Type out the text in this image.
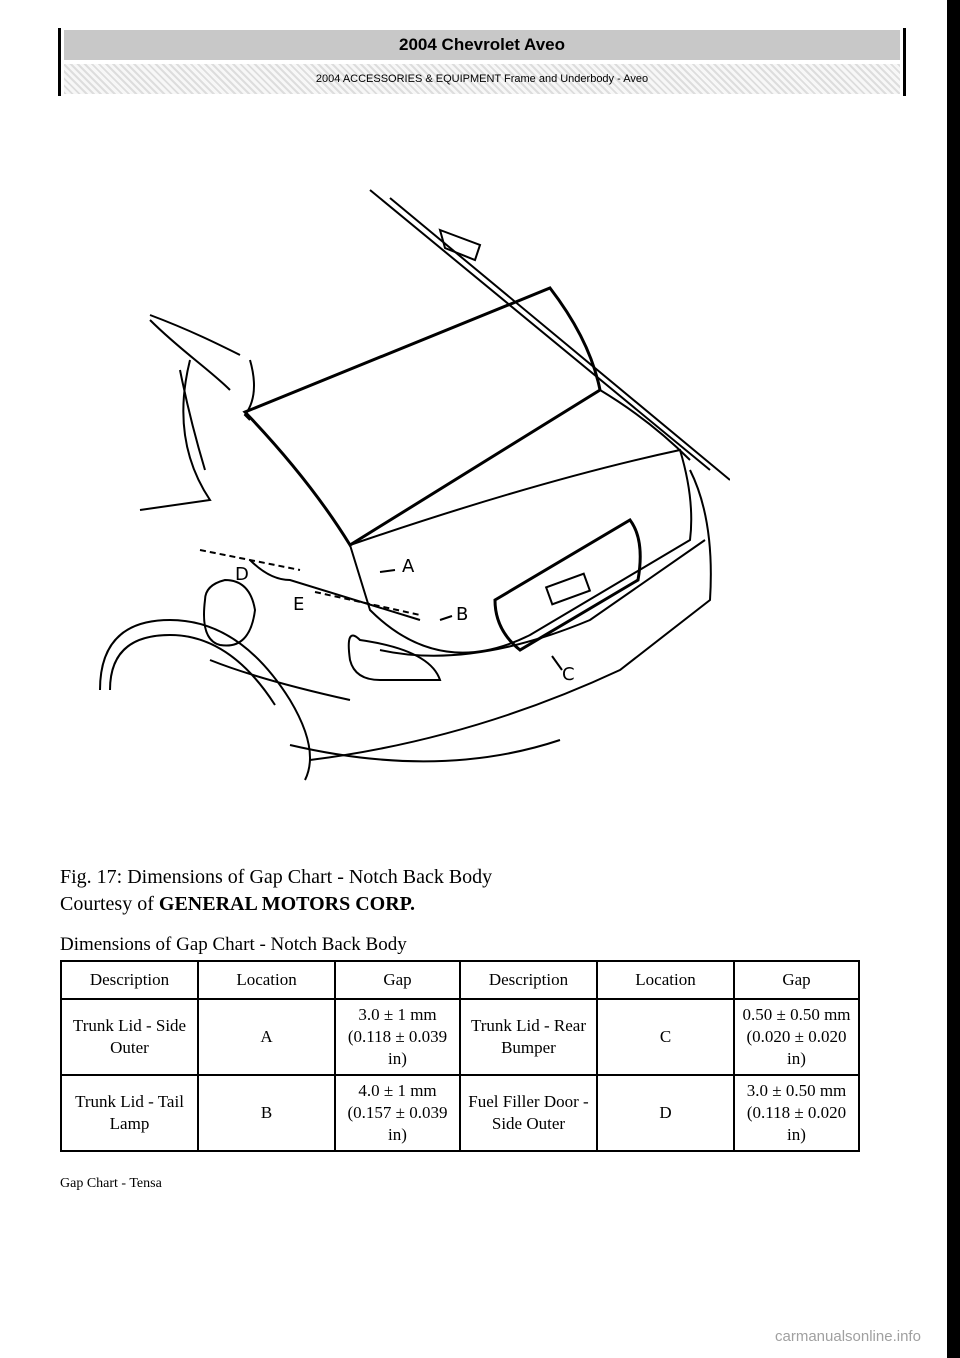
2004 Chevrolet Aveo
2004 ACCESSORIES & EQUIPMENT Frame and Underbody - Aveo
A
B
C
D
E
Fig. 17: Dimensions of Gap Chart - Notch Back Body
Courtesy of GENERAL MOTORS CORP.
Dimensions of Gap Chart - Notch Back Body
Description	Location	Gap	Description	Location	Gap
Trunk Lid - Side Outer	A	3.0 ± 1 mm (0.118 ± 0.039 in)	Trunk Lid - Rear Bumper	C	0.50 ± 0.50 mm (0.020 ± 0.020 in)
Trunk Lid - Tail Lamp	B	4.0 ± 1 mm (0.157 ± 0.039 in)	Fuel Filler Door - Side Outer	D	3.0 ± 0.50 mm (0.118 ± 0.020 in)
Gap Chart - Tensa
carmanualsonline.info
